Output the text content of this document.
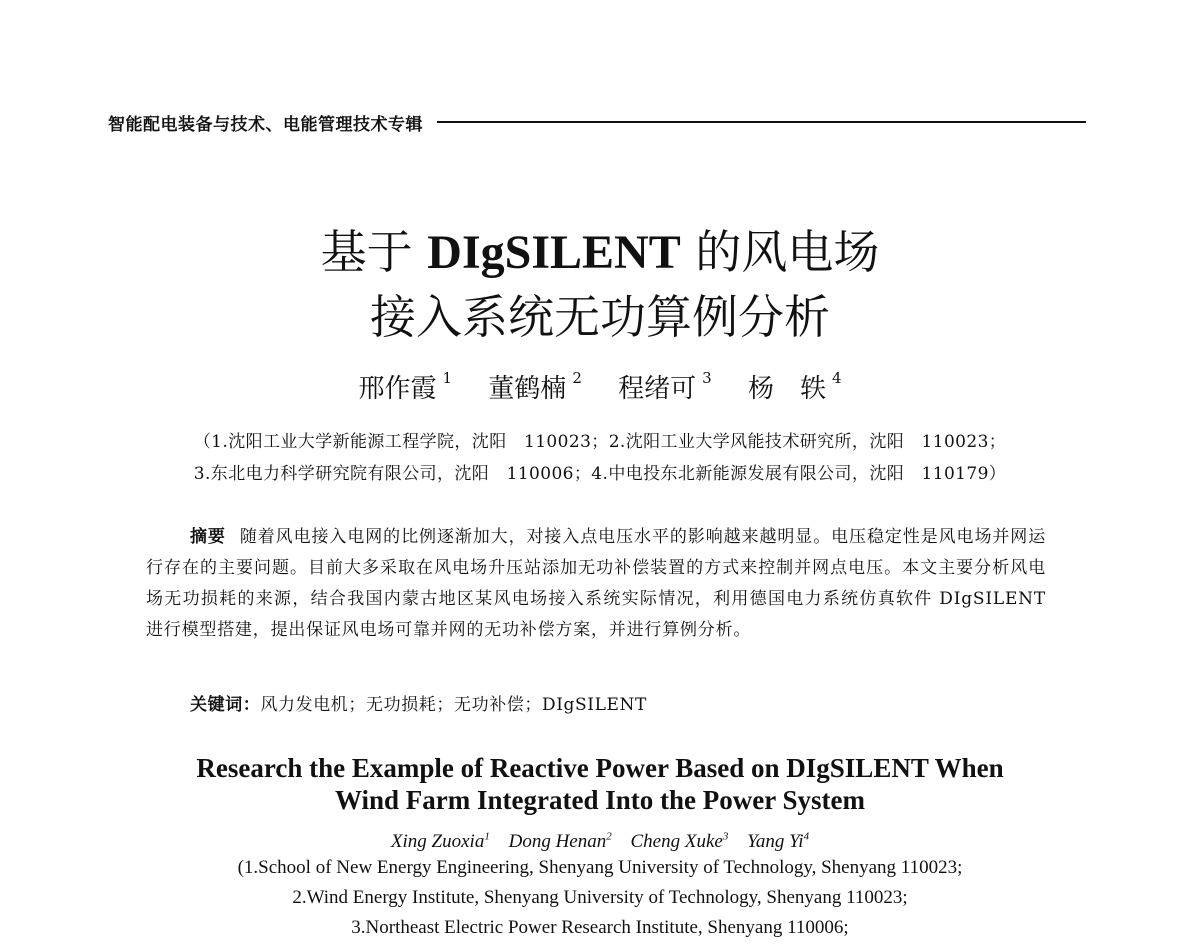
智能配电装备与技术、电能管理技术专辑
基于 DIgSILENT 的风电场
接入系统无功算例分析
邢作霞 $^1$ 董鹤楠 $^2$ 程绪可 $^3$ 杨　轶 $^4$
（1.沈阳工业大学新能源工程学院，沈阳　110023；2.沈阳工业大学风能技术研究所，沈阳　110023；
3.东北电力科学研究院有限公司，沈阳　110006；4.中电投东北新能源发展有限公司，沈阳　110179）

摘要 随着风电接入电网的比例逐渐加大，对接入点电压水平的影响越来越明显。电压稳定性是风电场并网运行存在的主要问题。目前大多采取在风电场升压站添加无功补偿装置的方式来控制并网点电压。本文主要分析风电场无功损耗的来源，结合我国内蒙古地区某风电场接入系统实际情况，利用德国电力系统仿真软件 DIgSILENT 进行模型搭建，提出保证风电场可靠并网的无功补偿方案，并进行算例分析。

关键词：风力发电机；无功损耗；无功补偿；DIgSILENT
Research the Example of Reactive Power Based on DIgSILENT When
Wind Farm Integrated Into the Power System
Xing Zuoxia$^1$ Dong Henan$^2$ Cheng Xuke$^3$ Yang Yi$^4$
(1.School of New Energy Engineering, Shenyang University of Technology, Shenyang 110023;
2.Wind Energy Institute, Shenyang University of Technology, Shenyang 110023;
3.Northeast Electric Power Research Institute, Shenyang 110006;
